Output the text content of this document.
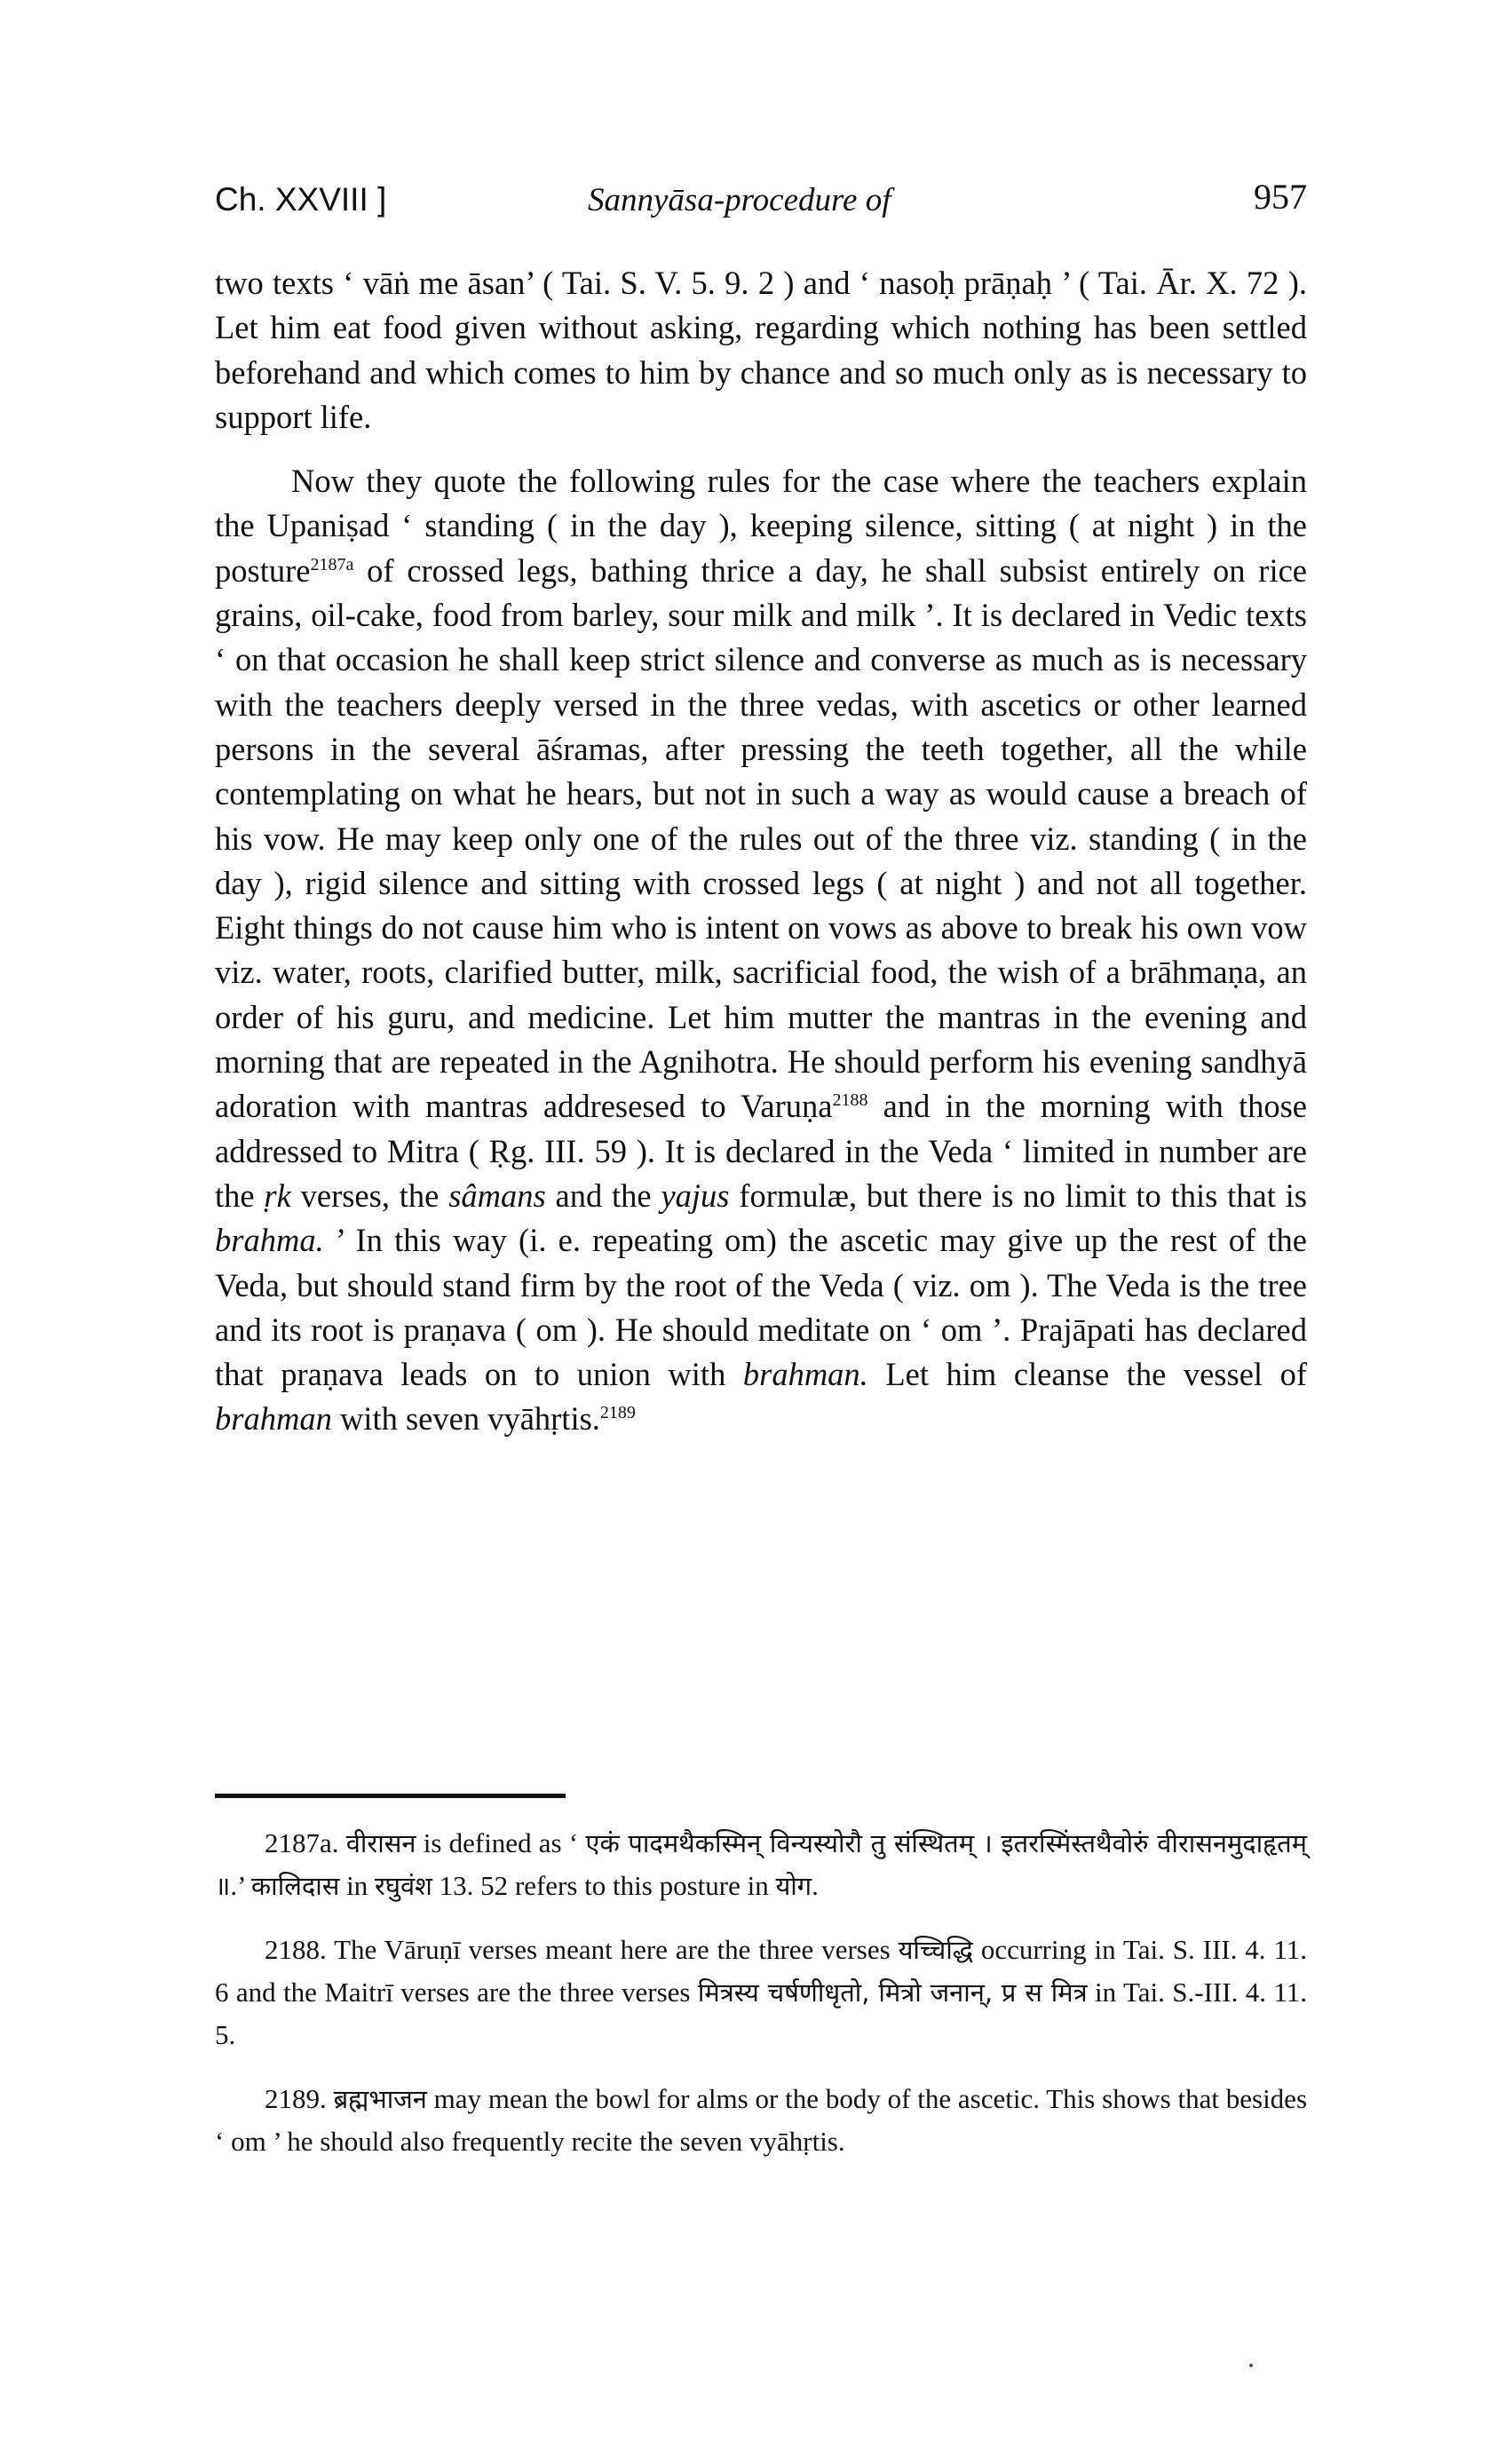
Ch. XXVIII ]	Sannyāsa-procedure of	957

two texts ‘ vāṅ me āsan’ ( Tai. S. V. 5. 9. 2 ) and ‘ nasoḥ prāṇaḥ ’ ( Tai. Ār. X. 72 ). Let him eat food given without asking, regarding which nothing has been settled beforehand and which comes to him by chance and so much only as is necessary to support life.

Now they quote the following rules for the case where the teachers explain the Upaniṣad ‘ standing ( in the day ), keeping silence, sitting ( at night ) in the posture$^{2187a}$ of crossed legs, bathing thrice a day, he shall subsist entirely on rice grains, oil-cake, food from barley, sour milk and milk ’. It is declared in Vedic texts ‘ on that occasion he shall keep strict silence and converse as much as is necessary with the teachers deeply versed in the three vedas, with ascetics or other learned persons in the several āśramas, after pressing the teeth together, all the while contemplating on what he hears, but not in such a way as would cause a breach of his vow. He may keep only one of the rules out of the three viz. standing ( in the day ), rigid silence and sitting with crossed legs ( at night ) and not all together. Eight things do not cause him who is intent on vows as above to break his own vow viz. water, roots, clarified butter, milk, sacrificial food, the wish of a brāhmaṇa, an order of his guru, and medicine. Let him mutter the mantras in the evening and morning that are repeated in the Agnihotra. He should perform his evening sandhyā adoration with mantras addresesed to Varuṇa$^{2188}$ and in the morning with those addressed to Mitra ( Ṛg. III. 59 ). It is declared in the Veda ‘ limited in number are the ṛk verses, the sâmans and the yajus formulæ, but there is no limit to this that is brahma. ’ In this way (i. e. repeating om) the ascetic may give up the rest of the Veda, but should stand firm by the root of the Veda ( viz. om ). The Veda is the tree and its root is praṇava ( om ). He should meditate on ‘ om ’. Prajāpati has declared that praṇava leads on to union with brahman. Let him cleanse the vessel of brahman with seven vyāhṛtis.$^{2189}$

2187a. वीरासन is defined as ‘ एकं पादमथैकस्मिन् विन्यस्योरौ तु संस्थितम् । इतरस्मिंस्तथैवोरुं वीरासनमुदाहृतम् ॥.’ कालिदास in रघुवंश 13. 52 refers to this posture in योग.

2188. The Vāruṇī verses meant here are the three verses यच्चिद्धि occurring in Tai. S. III. 4. 11. 6 and the Maitrī verses are the three verses मित्रस्य चर्षणीधृतो, मित्रो जनान्, प्र स मित्र in Tai. S.-III. 4. 11. 5.

2189. ब्रह्मभाजन may mean the bowl for alms or the body of the ascetic. This shows that besides ‘ om ’ he should also frequently recite the seven vyāhṛtis.
